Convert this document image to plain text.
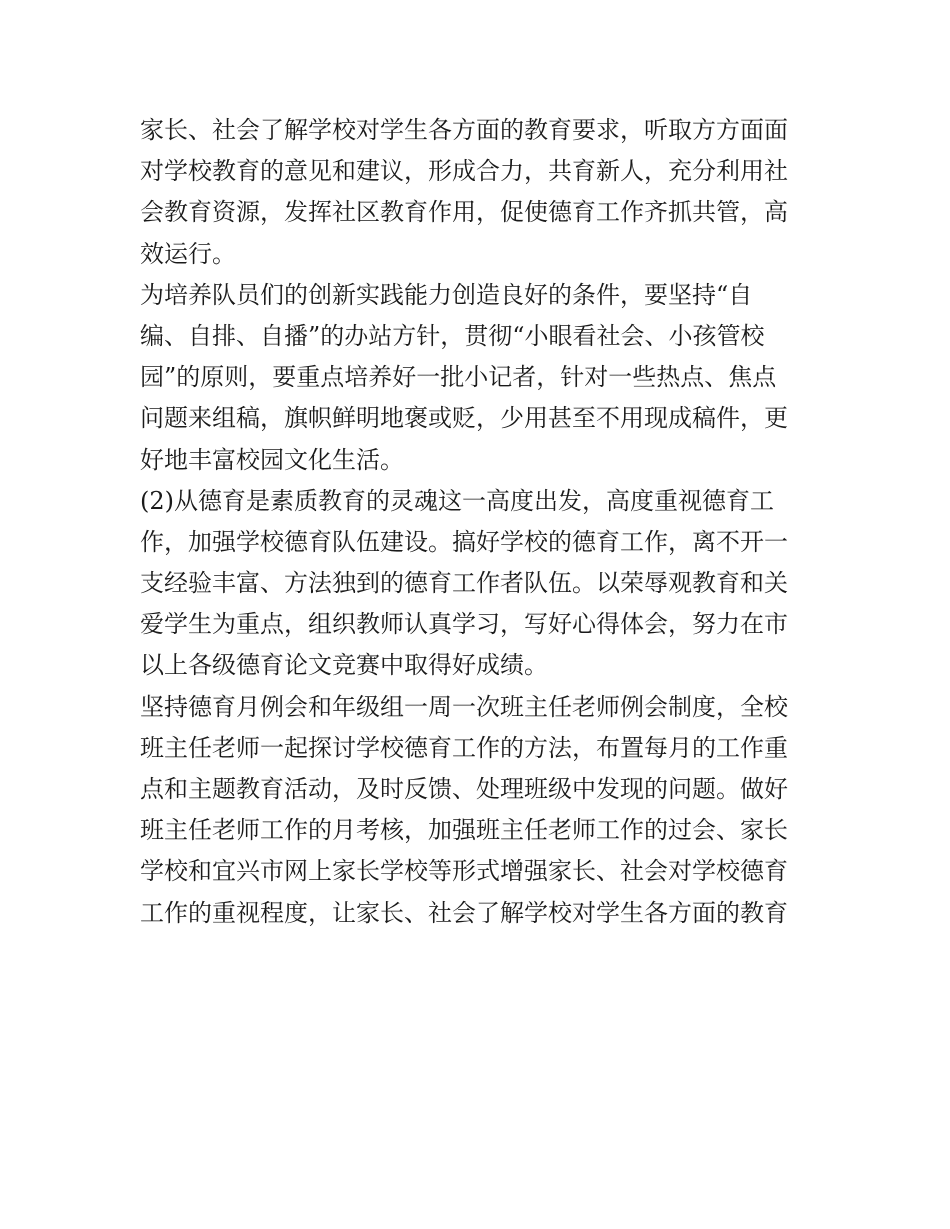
家长、社会了解学校对学生各方面的教育要求，听取方方面面
对学校教育的意见和建议，形成合力，共育新人，充分利用社
会教育资源，发挥社区教育作用，促使德育工作齐抓共管，高
效运行。
为培养队员们的创新实践能力创造良好的条件，要坚持“自
编、自排、自播”的办站方针，贯彻“小眼看社会、小孩管校
园”的原则，要重点培养好一批小记者，针对一些热点、焦点
问题来组稿，旗帜鲜明地褒或贬，少用甚至不用现成稿件，更
好地丰富校园文化生活。
(2)从德育是素质教育的灵魂这一高度出发，高度重视德育工
作，加强学校德育队伍建设。搞好学校的德育工作，离不开一
支经验丰富、方法独到的德育工作者队伍。以荣辱观教育和关
爱学生为重点，组织教师认真学习，写好心得体会，努力在市
以上各级德育论文竞赛中取得好成绩。
坚持德育月例会和年级组一周一次班主任老师例会制度，全校
班主任老师一起探讨学校德育工作的方法，布置每月的工作重
点和主题教育活动，及时反馈、处理班级中发现的问题。做好
班主任老师工作的月考核，加强班主任老师工作的过会、家长
学校和宜兴市网上家长学校等形式增强家长、社会对学校德育
工作的重视程度，让家长、社会了解学校对学生各方面的教育
